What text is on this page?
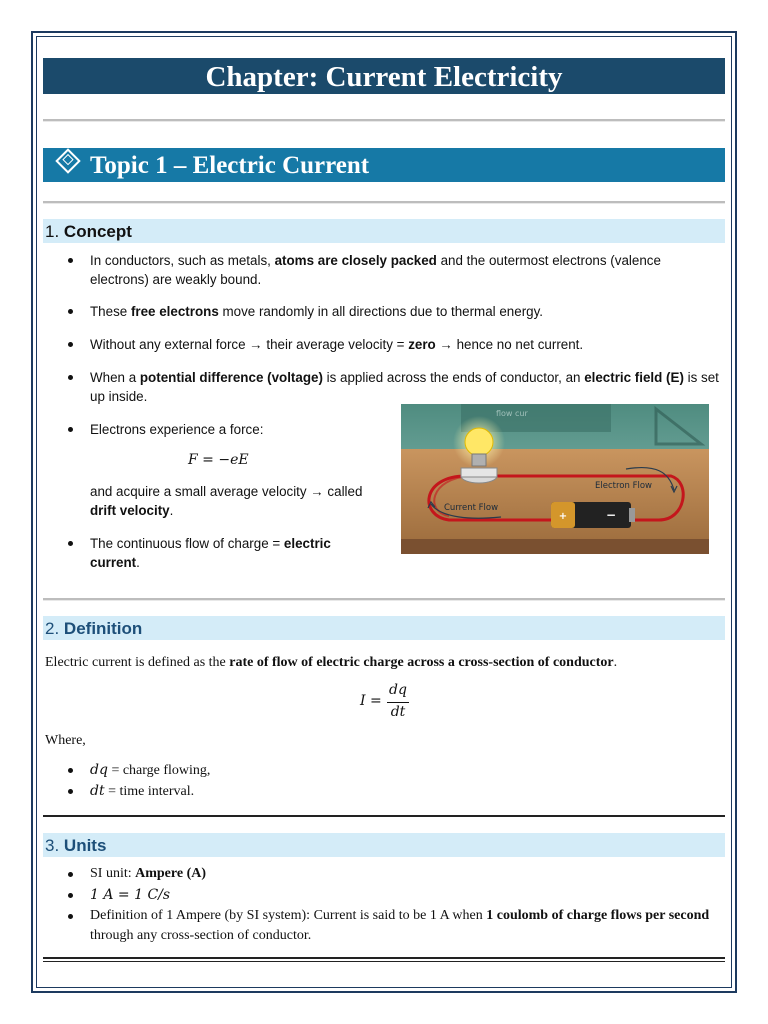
Chapter: Current Electricity
Topic 1 – Electric Current
1. Concept
In conductors, such as metals, atoms are closely packed and the outermost electrons (valence electrons) are weakly bound.
These free electrons move randomly in all directions due to thermal energy.
Without any external force → their average velocity = zero → hence no net current.
When a potential difference (voltage) is applied across the ends of conductor, an electric field (E) is set up inside.
Electrons experience a force:
F = −eE
and acquire a small average velocity → called drift velocity.
The continuous flow of charge = electric current.
flow cur
+	−
Electron Flow
Current Flow
2. Definition
Electric current is defined as the rate of flow of electric charge across a cross-section of conductor.
I =
dq
dt
Where,
dq = charge flowing,
dt = time interval.
3. Units
SI unit: Ampere (A)
1 A = 1 C/s
Definition of 1 Ampere (by SI system): Current is said to be 1 A when 1 coulomb of charge flows per second through any cross-section of conductor.
